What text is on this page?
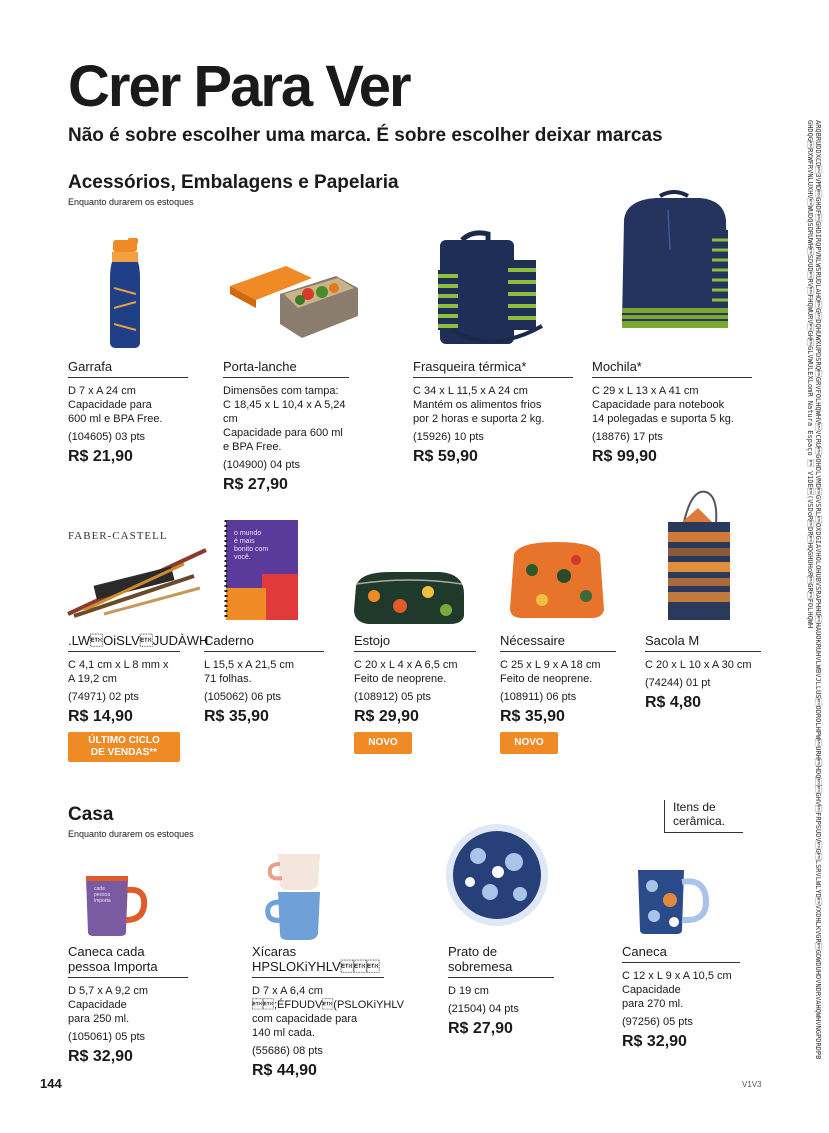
Crer Para Ver
Não é sobre escolher uma marca. É sobre escolher deixar marcas
Acessórios, Embalagens e Papelaria
Enquanto durarem os estoques
Garrafa
D 7 x A 24 cm
Capacidade para
600 ml e BPA Free.
(104605) 03 pts
R$ 21,90
Porta-lanche
Dimensões com tampa:
C 18,45 x L 10,4 x A 5,24 cm
Capacidade para 600 ml
e BPA Free.
(104900) 04 pts
R$ 27,90
Frasqueira térmica*
C 34 x L 11,5 x A 24 cm
Mantém os alimentos frios
por 2 horas e suporta 2 kg.
(15926) 10 pts
R$ 59,90
Mochila*
C 29 x L 13 x A 41 cm
Capacidade para notebook
14 polegadas e suporta 5 kg.
(18876) 17 pts
R$ 99,90
FABER-CASTELL	o mundo
é mais
bonito com
você.
.LWOiSLVJUDÀWH
C 4,1 cm x L 8 mm x
A 19,2 cm
(74971) 02 pts
R$ 14,90
ÚLTIMO CICLO
DE VENDAS**
Caderno
L 15,5 x A 21,5 cm
71 folhas.
(105062) 06 pts
R$ 35,90
Estojo
C 20 x L 4 x A 6,5 cm
Feito de neoprene.
(108912) 05 pts
R$ 29,90
NOVO
Nécessaire
C 25 x L 9 x A 18 cm
Feito de neoprene.
(108911) 06 pts
R$ 35,90
NOVO
Sacola M
C 20 x L 10 x A 30 cm
(74244) 01 pt
R$ 4,80
Casa
Enquanto durarem os estoques
Itens de cerâmica.
cada
pessoa
importa
Caneca cada
pessoa Importa
D 5,7 x A 9,2 cm
Capacidade
para 250 ml.
(105061) 05 pts
R$ 32,90
Xícaras
HPSLOKiYHLV
D 7 x A 6,4 cm
;ÉFDUDV(PSLOKiYHLV
com capacidade para
140 ml cada.
(55686) 08 pts
R$ 44,90
Prato de
sobremesa
D 19 cm
(21504) 04 pts
R$ 27,90
Caneca
C 12 x L 9 x A 10,5 cm
Capacidade
para 270 ml.
(97256) 05 pts
R$ 32,90	ARQBRUDDXCD3VMDGHDFGHDIRQPVNLWSRUDLAHOGDQHUWXUPDSRQGRVFOLHQWHVVCRUGOHDLVMDGVSRLOXDGIAVHOLOHUBVSRAPHHUHAUOKRUHVLWBVJLLUSODROLHPWURHHDQGHVFRPSUDVGLSRVLWLYDVXDHLKVGRGDWDUHDVNDRVAHQWHVNGPDRDPBGHDQGRXWFRVNLUXHVWUDQSDRUWHSDUDRVFHQWURVGHGLVWULEXLomR Natura Espaço  V1DE(VSDoRDRHQGHUHoRGRFOLHQWH
144	V1V3
